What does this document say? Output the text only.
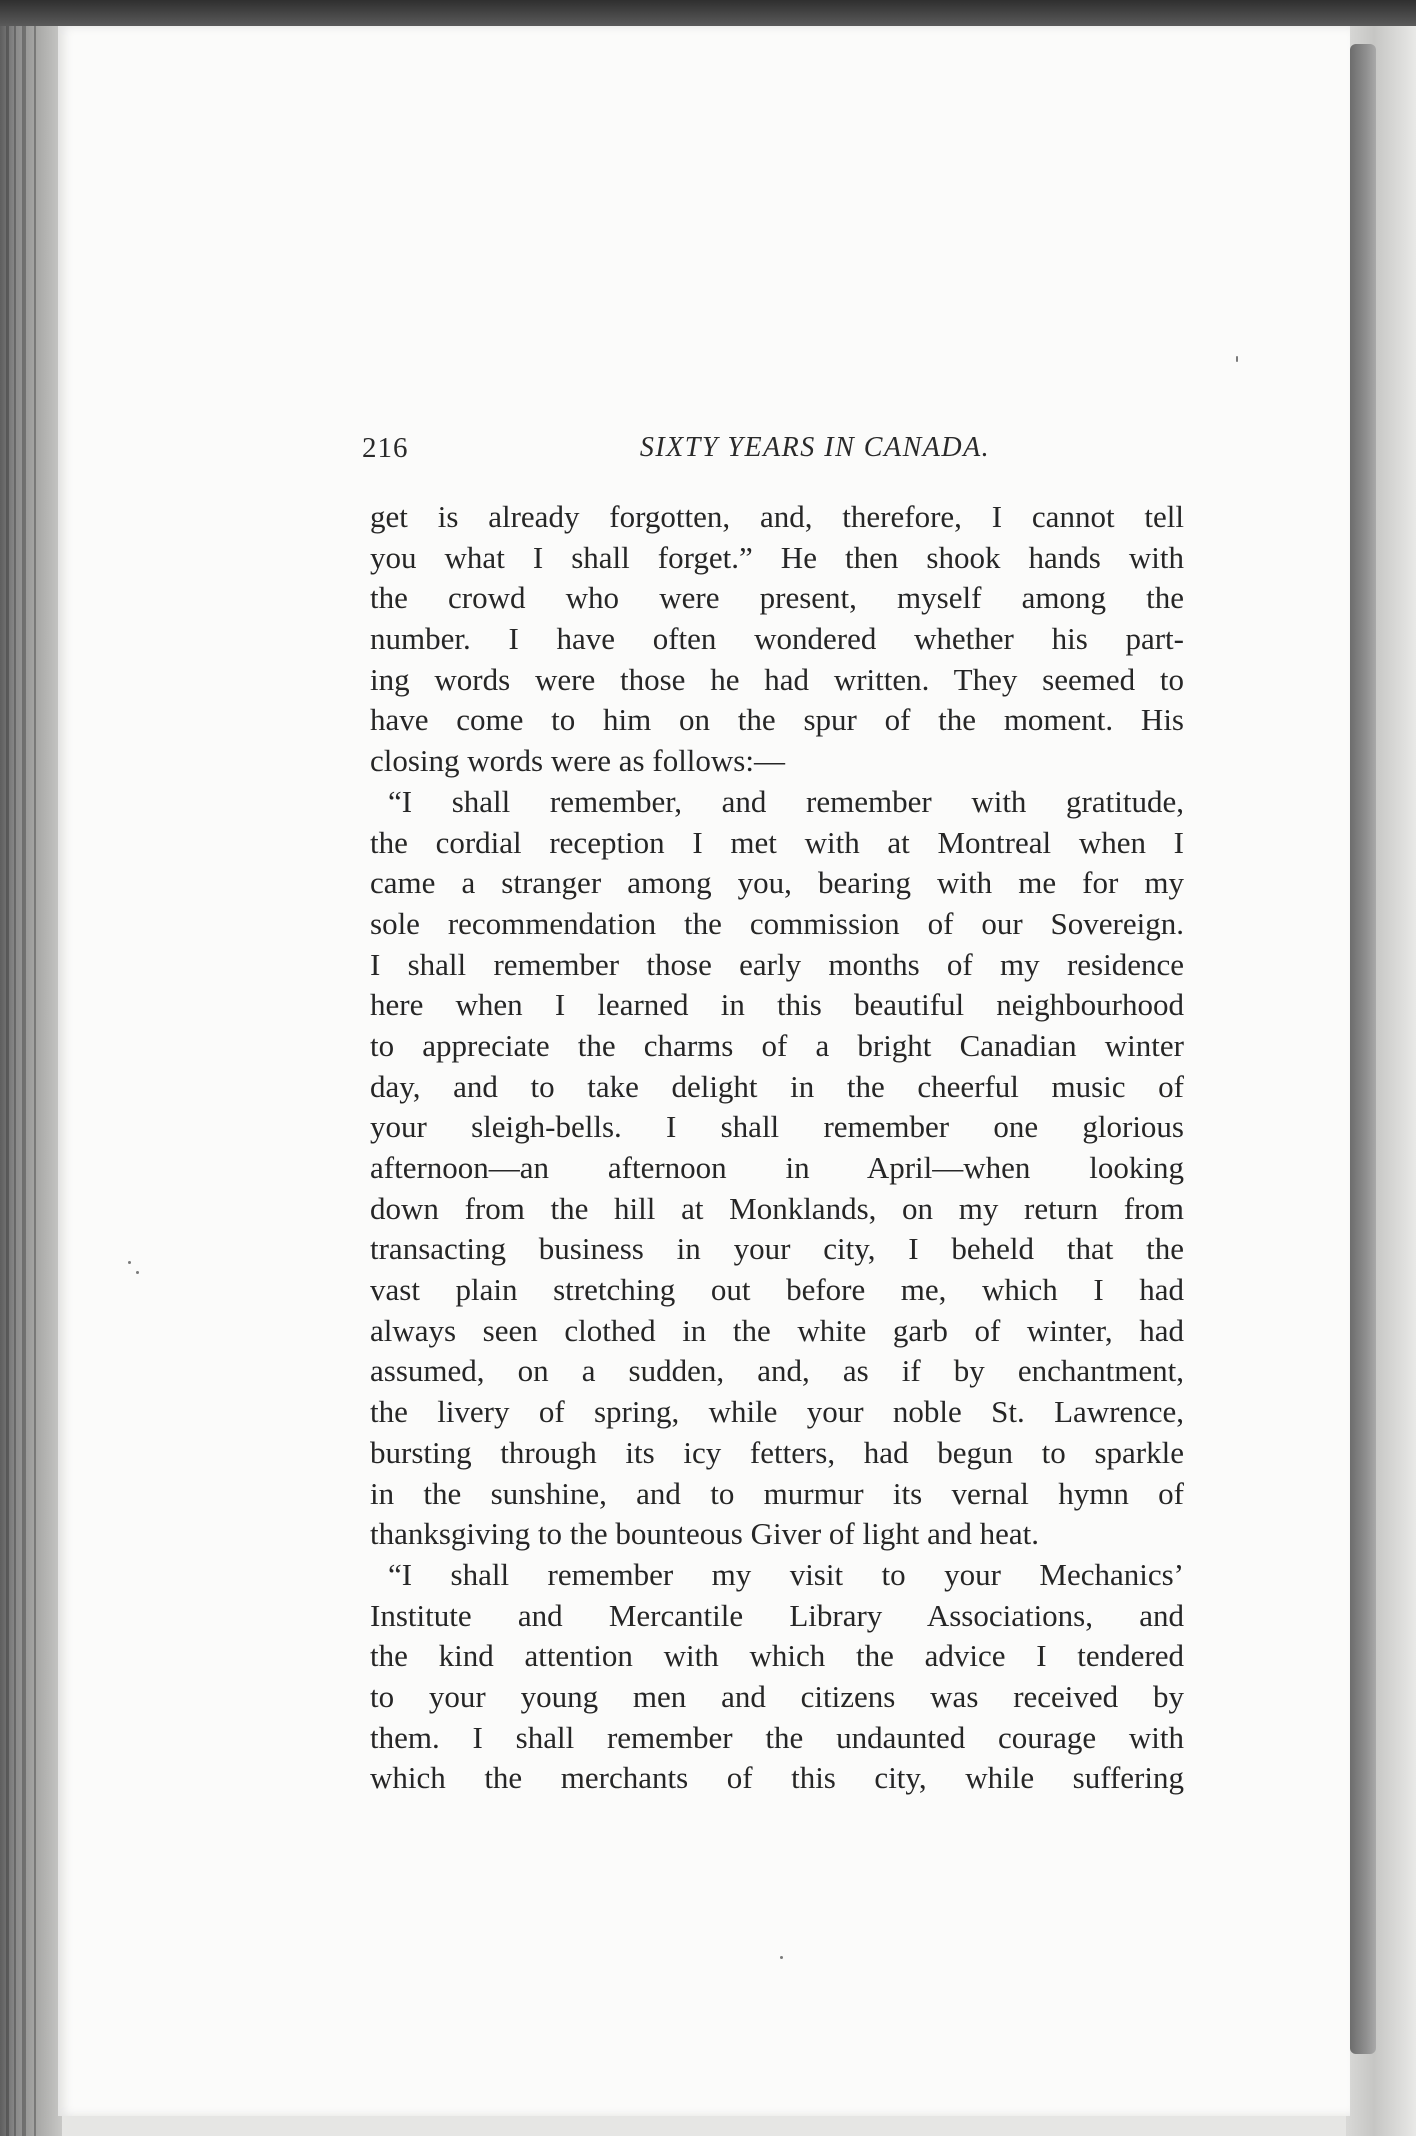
216	SIXTY YEARS IN CANADA.
get is already forgotten, and, therefore, I cannot tell
you what I shall forget.” He then shook hands with
the crowd who were present, myself among the
number. I have often wondered whether his part-
ing words were those he had written. They seemed to
have come to him on the spur of the moment. His
closing words were as follows:—
“I shall remember, and remember with gratitude,
the cordial reception I met with at Montreal when I
came a stranger among you, bearing with me for my
sole recommendation the commission of our Sovereign.
I shall remember those early months of my residence
here when I learned in this beautiful neighbourhood
to appreciate the charms of a bright Canadian winter
day, and to take delight in the cheerful music of
your sleigh-bells. I shall remember one glorious
afternoon—an afternoon in April—when looking
down from the hill at Monklands, on my return from
transacting business in your city, I beheld that the
vast plain stretching out before me, which I had
always seen clothed in the white garb of winter, had
assumed, on a sudden, and, as if by enchantment,
the livery of spring, while your noble St. Lawrence,
bursting through its icy fetters, had begun to sparkle
in the sunshine, and to murmur its vernal hymn of
thanksgiving to the bounteous Giver of light and heat.
“I shall remember my visit to your Mechanics’
Institute and Mercantile Library Associations, and
the kind attention with which the advice I tendered
to your young men and citizens was received by
them. I shall remember the undaunted courage with
which the merchants of this city, while suffering
